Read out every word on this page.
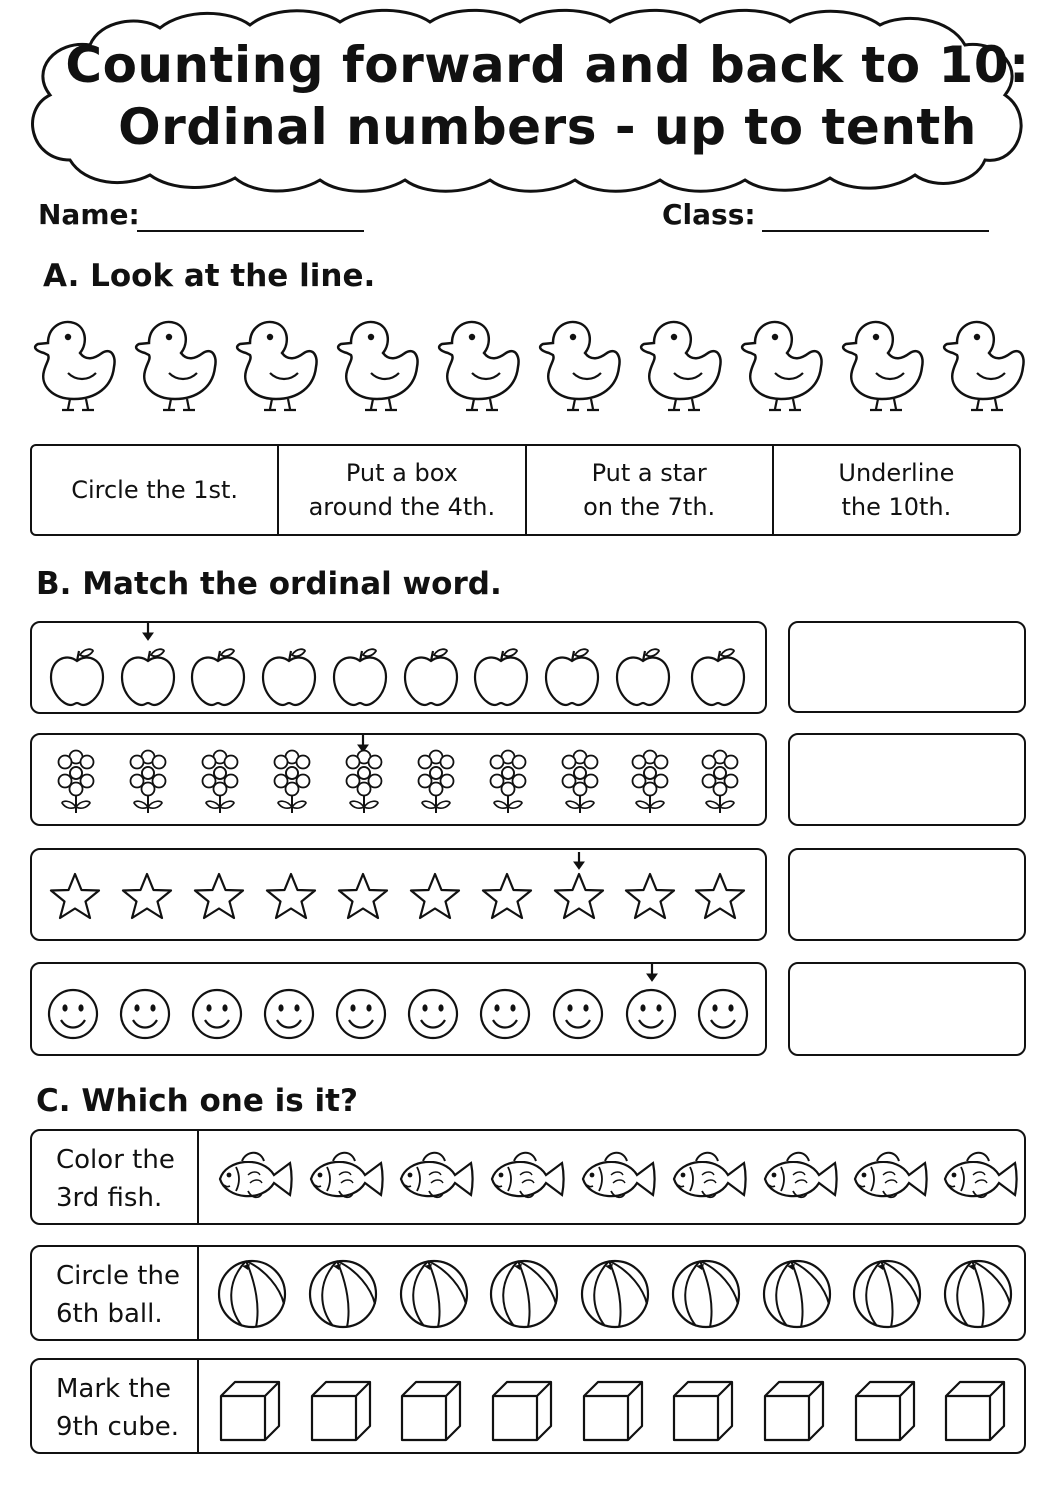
Counting forward and back to 10:
Ordinal numbers - up to tenth
Name:	Class:
A. Look at the line.
Circle the 1st.
Put a box
around the 4th.
Put a star
on the 7th.
Underline
the 10th.
B. Match the ordinal word.
C. Which one is it?
Color the
3rd fish.
Circle the
6th ball.
Mark the
9th cube.
